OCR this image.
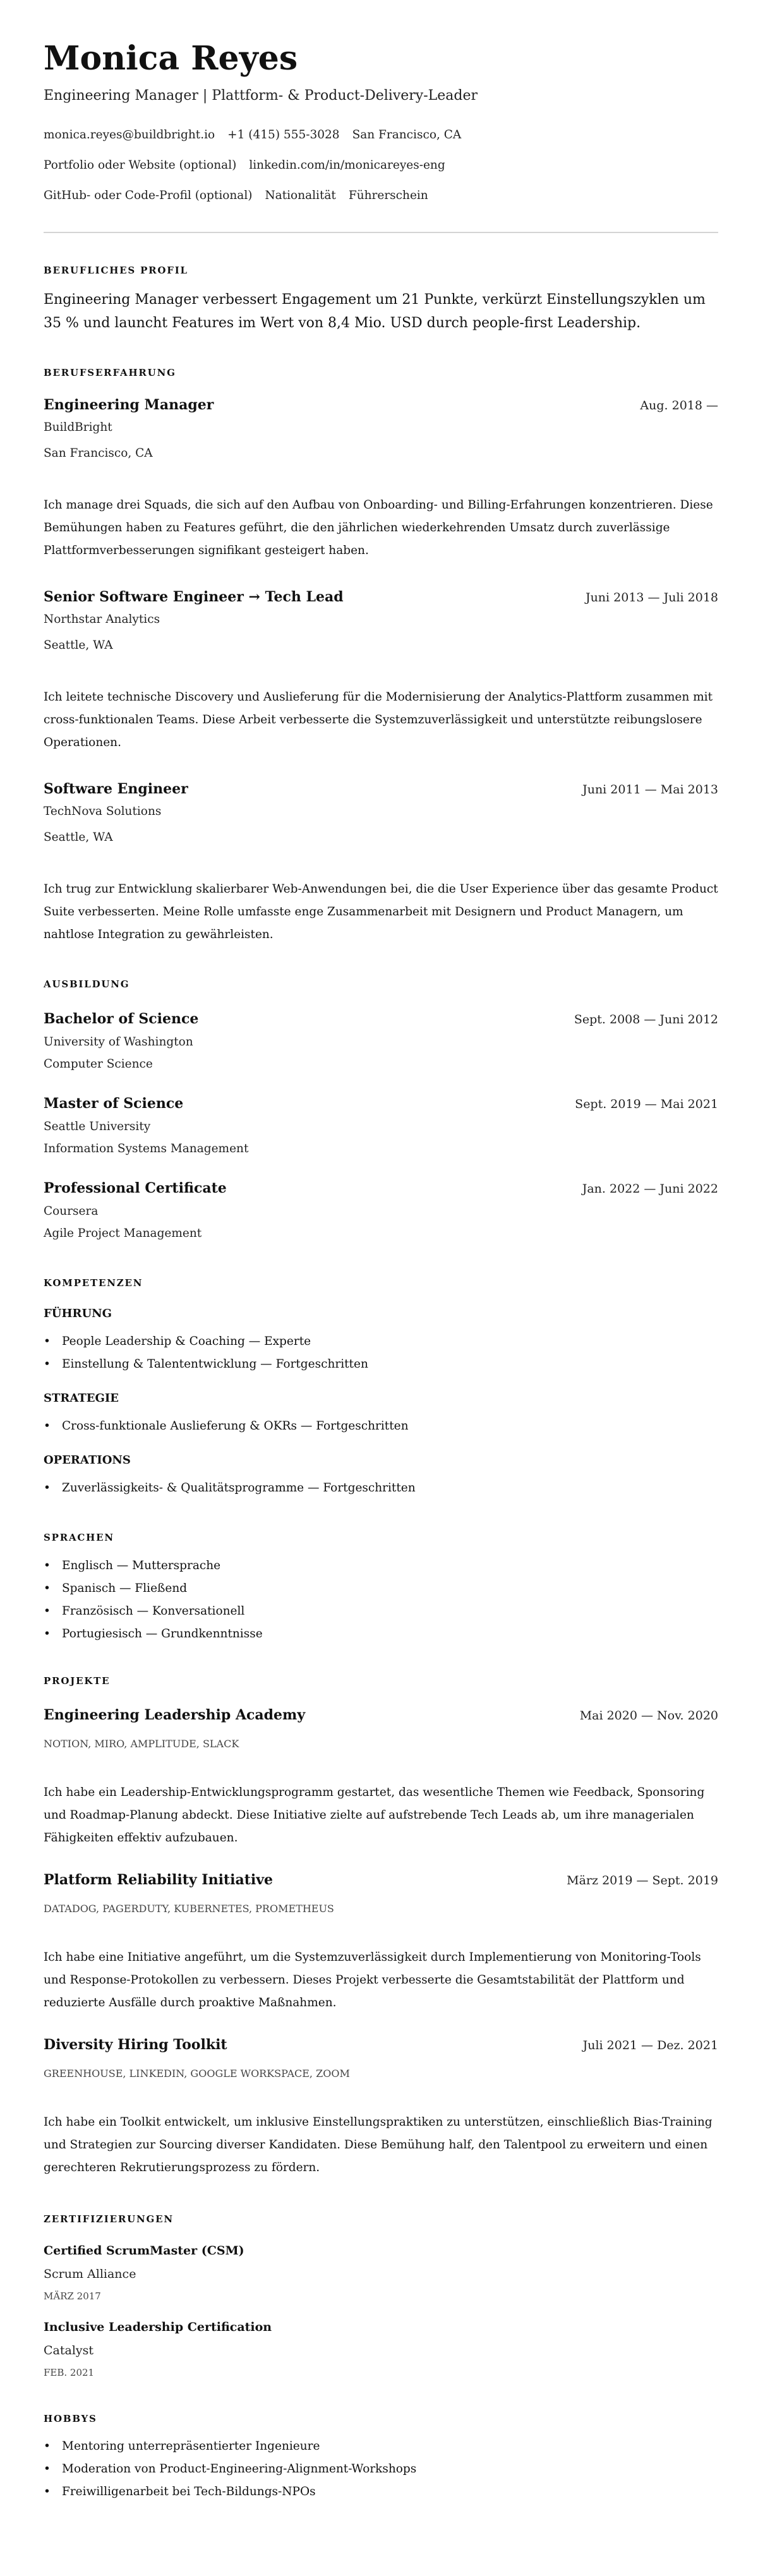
Monica Reyes
Engineering Manager | Plattform- & Product-Delivery-Leader
monica.reyes@buildbright.io +1 (415) 555-3028 San Francisco, CA
Portfolio oder Website (optional) linkedin.com/in/monicareyes-eng
GitHub- oder Code-Profil (optional) Nationalität Führerschein
BERUFLICHES PROFIL
Engineering Manager verbessert Engagement um 21 Punkte, verkürzt Einstellungszyklen um 35 % und launcht Features im Wert von 8,4 Mio. USD durch people-first Leadership.
BERUFSERFAHRUNG
Engineering Manager	Aug. 2018 —
BuildBright
San Francisco, CA
Ich manage drei Squads, die sich auf den Aufbau von Onboarding- und Billing-Erfahrungen konzentrieren. Diese Bemühungen haben zu Features geführt, die den jährlichen wiederkehrenden Umsatz durch zuverlässige Plattformverbesserungen signifikant gesteigert haben.
Senior Software Engineer → Tech Lead	Juni 2013 — Juli 2018
Northstar Analytics
Seattle, WA
Ich leitete technische Discovery und Auslieferung für die Modernisierung der Analytics-Plattform zusammen mit cross-funktionalen Teams. Diese Arbeit verbesserte die Systemzuverlässigkeit und unterstützte reibungslosere Operationen.
Software Engineer	Juni 2011 — Mai 2013
TechNova Solutions
Seattle, WA
Ich trug zur Entwicklung skalierbarer Web-Anwendungen bei, die die User Experience über das gesamte Product Suite verbesserten. Meine Rolle umfasste enge Zusammenarbeit mit Designern und Product Managern, um nahtlose Integration zu gewährleisten.
AUSBILDUNG
Bachelor of Science	Sept. 2008 — Juni 2012
University of Washington
Computer Science
Master of Science	Sept. 2019 — Mai 2021
Seattle University
Information Systems Management
Professional Certificate	Jan. 2022 — Juni 2022
Coursera
Agile Project Management
KOMPETENZEN
FÜHRUNG
• People Leadership & Coaching — Experte
• Einstellung & Talententwicklung — Fortgeschritten
STRATEGIE
• Cross-funktionale Auslieferung & OKRs — Fortgeschritten
OPERATIONS
• Zuverlässigkeits- & Qualitätsprogramme — Fortgeschritten
SPRACHEN
• Englisch — Muttersprache
• Spanisch — Fließend
• Französisch — Konversationell
• Portugiesisch — Grundkenntnisse
PROJEKTE
Engineering Leadership Academy	Mai 2020 — Nov. 2020
NOTION, MIRO, AMPLITUDE, SLACK
Ich habe ein Leadership-Entwicklungsprogramm gestartet, das wesentliche Themen wie Feedback, Sponsoring und Roadmap-Planung abdeckt. Diese Initiative zielte auf aufstrebende Tech Leads ab, um ihre managerialen Fähigkeiten effektiv aufzubauen.
Platform Reliability Initiative	März 2019 — Sept. 2019
DATADOG, PAGERDUTY, KUBERNETES, PROMETHEUS
Ich habe eine Initiative angeführt, um die Systemzuverlässigkeit durch Implementierung von Monitoring-Tools und Response-Protokollen zu verbessern. Dieses Projekt verbesserte die Gesamtstabilität der Plattform und reduzierte Ausfälle durch proaktive Maßnahmen.
Diversity Hiring Toolkit	Juli 2021 — Dez. 2021
GREENHOUSE, LINKEDIN, GOOGLE WORKSPACE, ZOOM
Ich habe ein Toolkit entwickelt, um inklusive Einstellungspraktiken zu unterstützen, einschließlich Bias-Training und Strategien zur Sourcing diverser Kandidaten. Diese Bemühung half, den Talentpool zu erweitern und einen gerechteren Rekrutierungsprozess zu fördern.
ZERTIFIZIERUNGEN
Certified ScrumMaster (CSM)
Scrum Alliance
MÄRZ 2017
Inclusive Leadership Certification
Catalyst
FEB. 2021
HOBBYS
• Mentoring unterrepräsentierter Ingenieure
• Moderation von Product-Engineering-Alignment-Workshops
• Freiwilligenarbeit bei Tech-Bildungs-NPOs
